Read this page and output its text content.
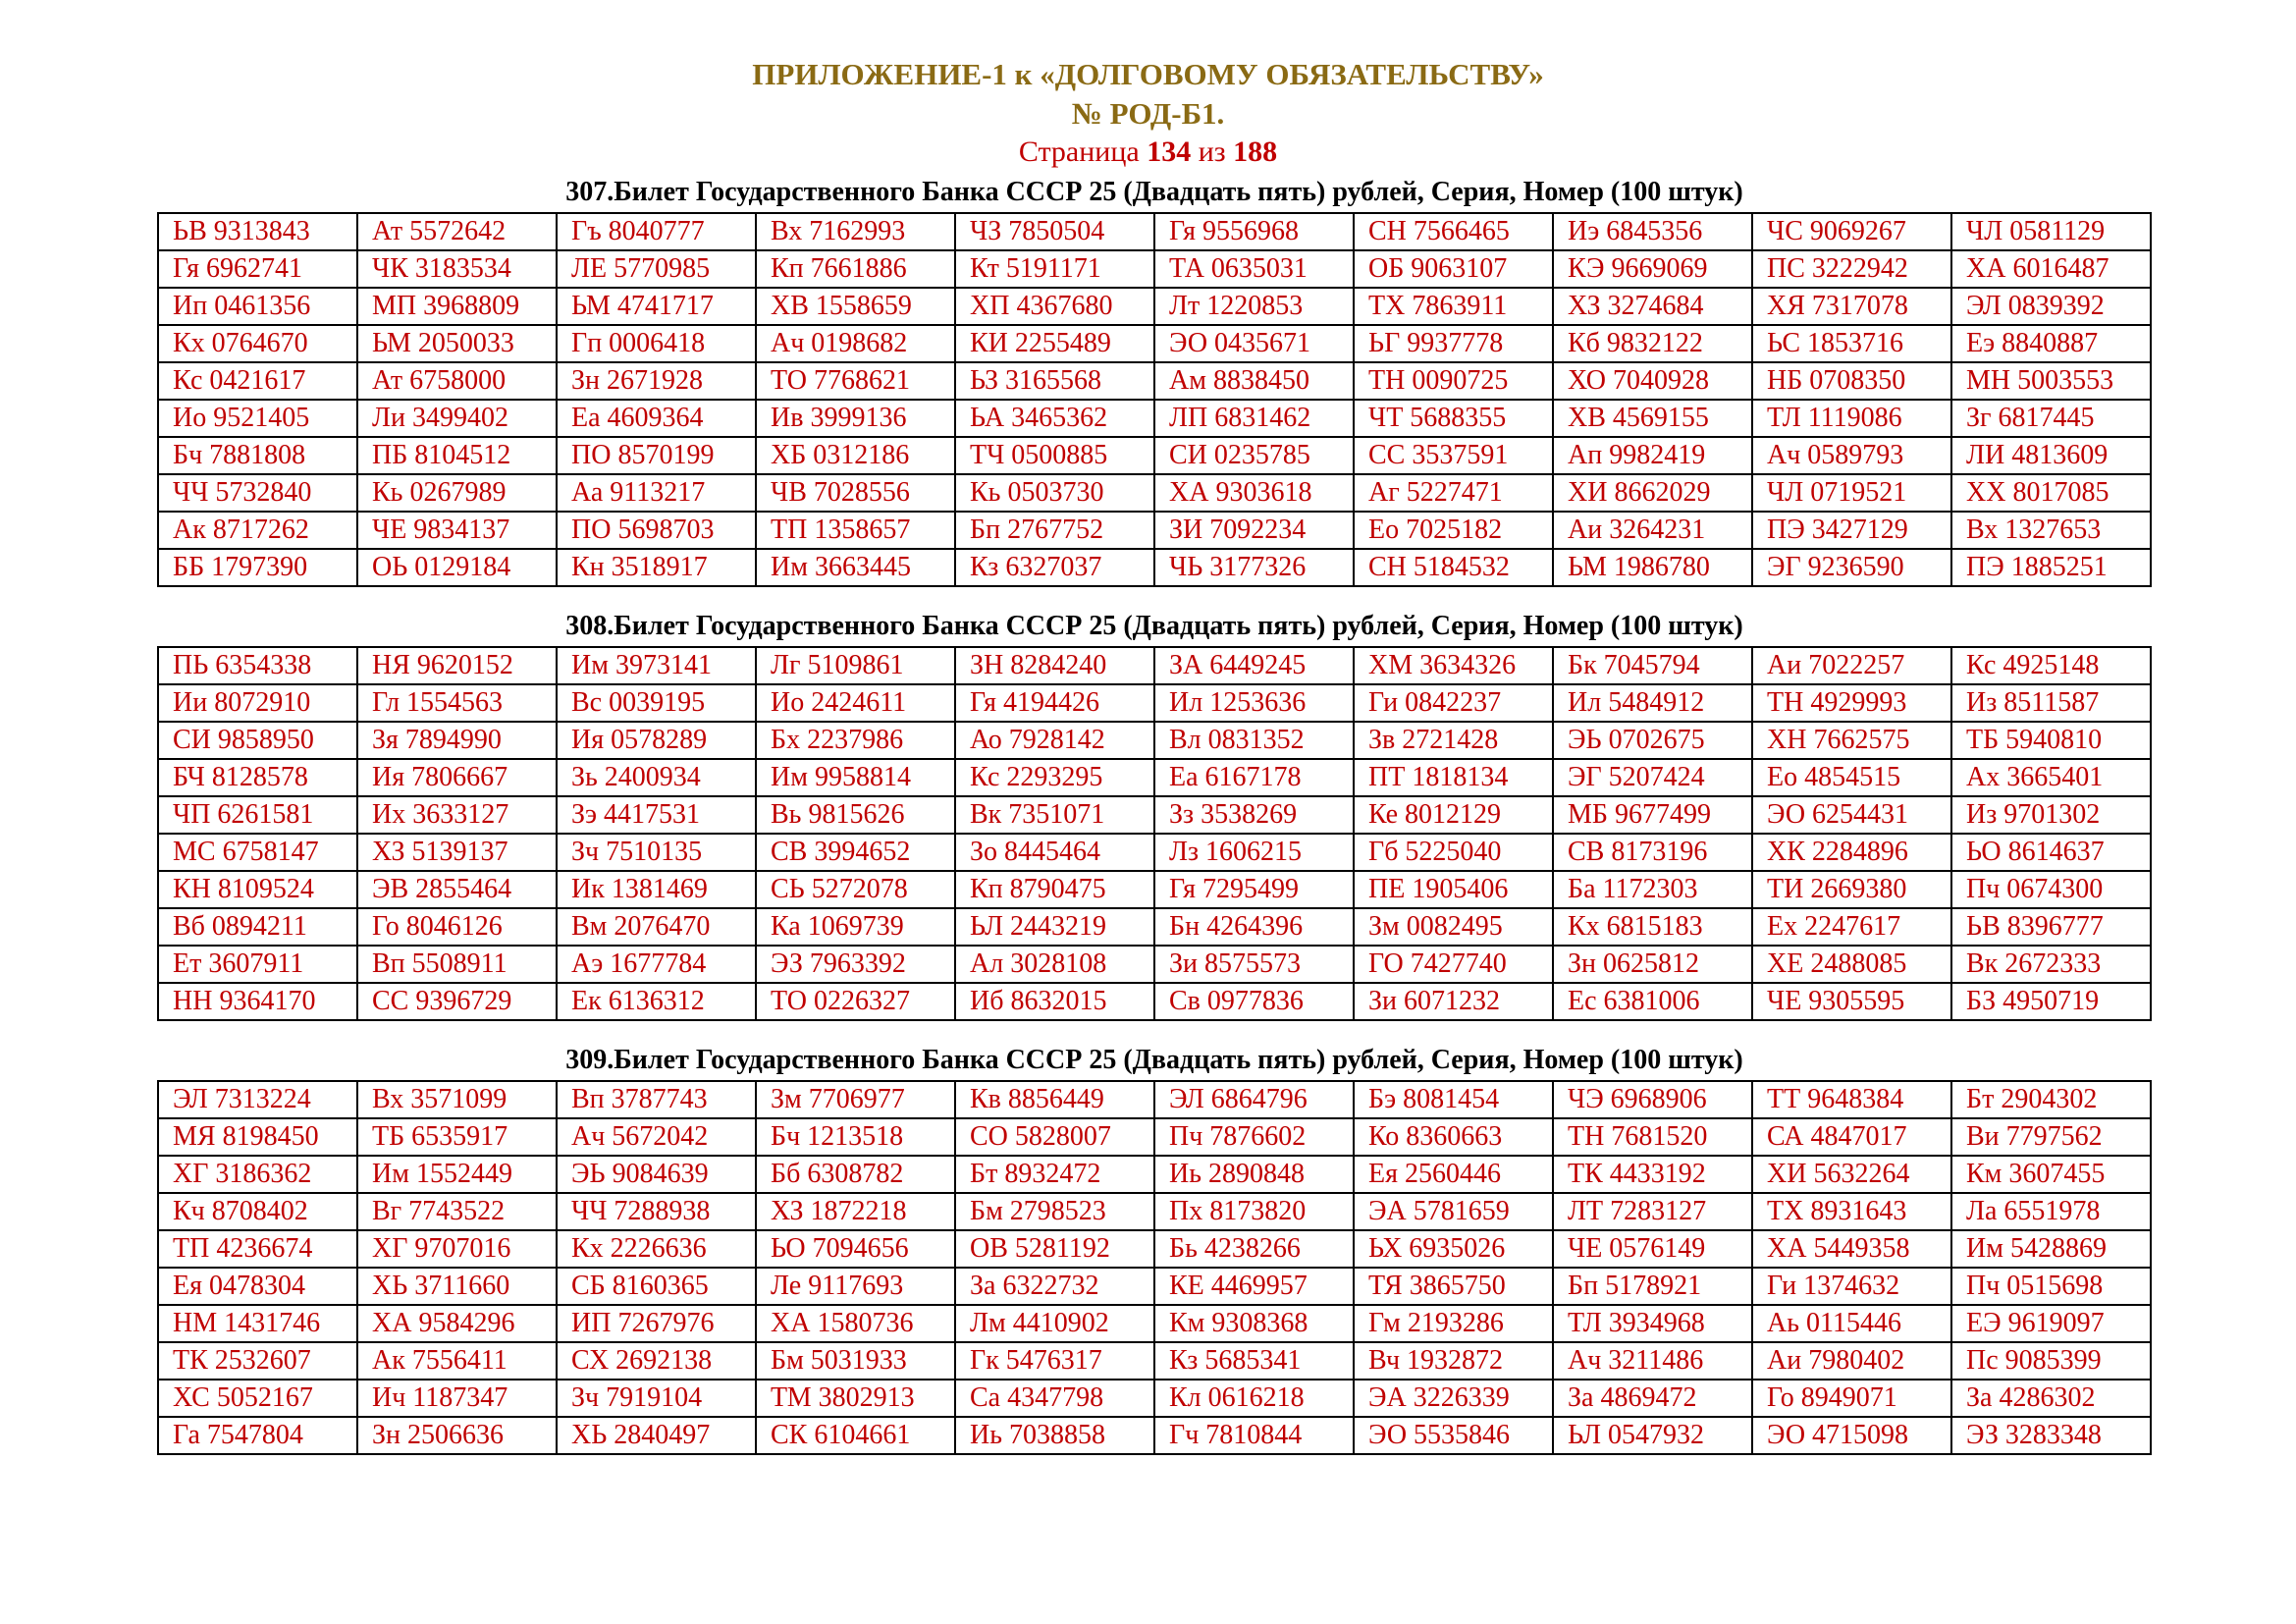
ПРИЛОЖЕНИЕ-1 к «ДОЛГОВОМУ ОБЯЗАТЕЛЬСТВУ»
№ РОД-Б1.
Страница 134 из 188
307.Билет Государственного Банка СССР 25 (Двадцать пять) рублей, Серия, Номер (100 штук)
ЬВ 9313843	Ат 5572642	Гъ 8040777	Вх 7162993	ЧЗ 7850504	Гя 9556968	СН 7566465	Иэ 6845356	ЧС 9069267	ЧЛ 0581129
Гя 6962741	ЧК 3183534	ЛЕ 5770985	Кп 7661886	Кт 5191171	ТА 0635031	ОБ 9063107	КЭ 9669069	ПС 3222942	ХА 6016487
Ип 0461356	МП 3968809	ЬМ 4741717	ХВ 1558659	ХП 4367680	Лт 1220853	ТХ 7863911	ХЗ 3274684	ХЯ 7317078	ЭЛ 0839392
Кх 0764670	ЬМ 2050033	Гп 0006418	Ач 0198682	КИ 2255489	ЭО 0435671	ЬГ 9937778	Кб 9832122	ЬС 1853716	Еэ 8840887
Кс 0421617	Ат 6758000	Зн 2671928	ТО 7768621	ЬЗ 3165568	Ам 8838450	ТН 0090725	ХО 7040928	НБ 0708350	МН 5003553
Ио 9521405	Ли 3499402	Еа 4609364	Ив 3999136	ЬА 3465362	ЛП 6831462	ЧТ 5688355	ХВ 4569155	ТЛ 1119086	Зг 6817445
Бч 7881808	ПБ 8104512	ПО 8570199	ХБ 0312186	ТЧ 0500885	СИ 0235785	СС 3537591	Ап 9982419	Ач 0589793	ЛИ 4813609
ЧЧ 5732840	Кь 0267989	Аа 9113217	ЧВ 7028556	Кь 0503730	ХА 9303618	Аг 5227471	ХИ 8662029	ЧЛ 0719521	ХХ 8017085
Ак 8717262	ЧЕ 9834137	ПО 5698703	ТП 1358657	Бп 2767752	ЗИ 7092234	Ео 7025182	Аи 3264231	ПЭ 3427129	Вх 1327653
ББ 1797390	ОЬ 0129184	Кн 3518917	Им 3663445	Кз 6327037	ЧЬ 3177326	СН 5184532	ЬМ 1986780	ЭГ 9236590	ПЭ 1885251
308.Билет Государственного Банка СССР 25 (Двадцать пять) рублей, Серия, Номер (100 штук)
ПЬ 6354338	НЯ 9620152	Им 3973141	Лг 5109861	ЗН 8284240	ЗА 6449245	ХМ 3634326	Бк 7045794	Аи 7022257	Кс 4925148
Ии 8072910	Гл 1554563	Вс 0039195	Ио 2424611	Гя 4194426	Ил 1253636	Ги 0842237	Ил 5484912	ТН 4929993	Из 8511587
СИ 9858950	Зя 7894990	Ия 0578289	Бх 2237986	Ао 7928142	Вл 0831352	Зв 2721428	ЭЬ 0702675	ХН 7662575	ТБ 5940810
БЧ 8128578	Ия 7806667	Зь 2400934	Им 9958814	Кс 2293295	Еа 6167178	ПТ 1818134	ЭГ 5207424	Ео 4854515	Ах 3665401
ЧП 6261581	Их 3633127	Зэ 4417531	Вь 9815626	Вк 7351071	Зз 3538269	Ке 8012129	МБ 9677499	ЭО 6254431	Из 9701302
МС 6758147	ХЗ 5139137	Зч 7510135	СВ 3994652	Зо 8445464	Лз 1606215	Гб 5225040	СВ 8173196	ХК 2284896	ЬО 8614637
КН 8109524	ЭВ 2855464	Ик 1381469	СЬ 5272078	Кп 8790475	Гя 7295499	ПЕ 1905406	Ба 1172303	ТИ 2669380	Пч 0674300
Вб 0894211	Го 8046126	Вм 2076470	Ка 1069739	ЬЛ 2443219	Бн 4264396	Зм 0082495	Кх 6815183	Ех 2247617	ЬВ 8396777
Ет 3607911	Вп 5508911	Аэ 1677784	ЭЗ 7963392	Ал 3028108	Зи 8575573	ГО 7427740	Зн 0625812	ХЕ 2488085	Вк 2672333
НН 9364170	СС 9396729	Ек 6136312	ТО 0226327	Иб 8632015	Св 0977836	Зи 6071232	Ес 6381006	ЧЕ 9305595	БЗ 4950719
309.Билет Государственного Банка СССР 25 (Двадцать пять) рублей, Серия, Номер (100 штук)
ЭЛ 7313224	Вх 3571099	Вп 3787743	Зм 7706977	Кв 8856449	ЭЛ 6864796	Бэ 8081454	ЧЭ 6968906	ТТ 9648384	Бт 2904302
МЯ 8198450	ТБ 6535917	Ач 5672042	Бч 1213518	СО 5828007	Пч 7876602	Ко 8360663	ТН 7681520	СА 4847017	Ви 7797562
ХГ 3186362	Им 1552449	ЭЬ 9084639	Бб 6308782	Бт 8932472	Иь 2890848	Ея 2560446	ТК 4433192	ХИ 5632264	Км 3607455
Кч 8708402	Вг 7743522	ЧЧ 7288938	ХЗ 1872218	Бм 2798523	Пх 8173820	ЭА 5781659	ЛТ 7283127	ТХ 8931643	Ла 6551978
ТП 4236674	ХГ 9707016	Кх 2226636	ЬО 7094656	ОВ 5281192	Бь 4238266	ЬХ 6935026	ЧЕ 0576149	ХА 5449358	Им 5428869
Ея 0478304	ХЬ 3711660	СБ 8160365	Ле 9117693	За 6322732	КЕ 4469957	ТЯ 3865750	Бп 5178921	Ги 1374632	Пч 0515698
НМ 1431746	ХА 9584296	ИП 7267976	ХА 1580736	Лм 4410902	Км 9308368	Гм 2193286	ТЛ 3934968	Аь 0115446	ЕЭ 9619097
ТК 2532607	Ак 7556411	СХ 2692138	Бм 5031933	Гк 5476317	Кз 5685341	Вч 1932872	Ач 3211486	Аи 7980402	Пс 9085399
ХС 5052167	Ич 1187347	Зч 7919104	ТМ 3802913	Са 4347798	Кл 0616218	ЭА 3226339	За 4869472	Го 8949071	За 4286302
Га 7547804	Зн 2506636	ХЬ 2840497	СК 6104661	Иь 7038858	Гч 7810844	ЭО 5535846	ЬЛ 0547932	ЭО 4715098	ЭЗ 3283348
